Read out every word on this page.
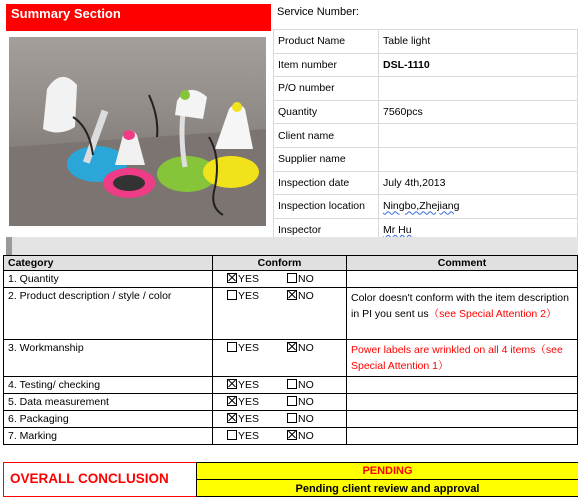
Summary Section	Service Number:
Product Name	Table light
Item number	DSL-1110
P/O number	
Quantity	7560pcs
Client name	
Supplier name	
Inspection date	July 4th,2013
Inspection location	Ningbo,Zhejiang
Inspector	Mr Hu
Category	Conform		Comment
1. Quantity	YES	NO	
2. Product description / style / color	YES	NO	Color doesn't conform with the item description in PI you sent us（see Special Attention 2）
3. Workmanship	YES	NO	Power labels are wrinkled on all 4 items（see Special Attention 1）
4. Testing/ checking	YES	NO	
5. Data measurement	YES	NO	
6. Packaging	YES	NO	
7. Marking	YES	NO	
OVERALL CONCLUSION	PENDING
Pending client review and approval
